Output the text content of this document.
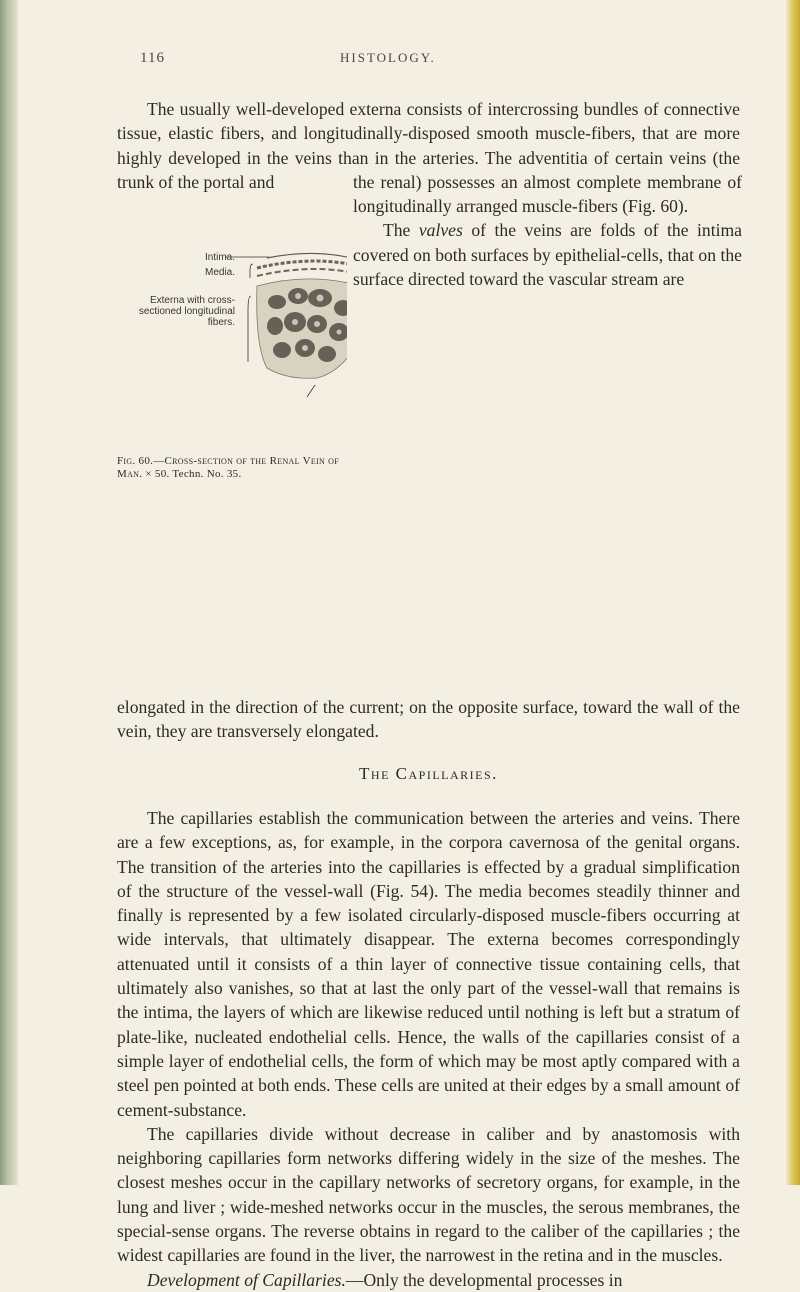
116	HISTOLOGY.

The usually well-developed externa consists of intercrossing bundles of connective tissue, elastic fibers, and longitudinally-disposed smooth muscle-fibers, that are more highly developed in the veins than in the arteries. The adventitia of certain veins (the trunk of the portal and	the renal) possesses an almost complete membrane of longitudinally arranged muscle-fibers (Fig. 60).

The valves of the veins are folds of the intima covered on both surfaces by epithelial-cells, that on the surface directed toward the vascular stream are

Intima.
Media.
Externa with cross-sectioned longitudinal fibers.
Fig. 60.—Cross-section of the Renal Vein of Man. × 50. Techn. No. 35.

elongated in the direction of the current; on the opposite surface, toward the wall of the vein, they are transversely elongated.

The Capillaries.

The capillaries establish the communication between the arteries and veins. There are a few exceptions, as, for example, in the corpora cavernosa of the genital organs. The transition of the arteries into the capillaries is effected by a gradual simplification of the structure of the vessel-wall (Fig. 54). The media becomes steadily thinner and finally is represented by a few isolated circularly-disposed muscle-fibers occurring at wide intervals, that ultimately disappear. The externa becomes correspondingly attenuated until it consists of a thin layer of connective tissue containing cells, that ultimately also vanishes, so that at last the only part of the vessel-wall that remains is the intima, the layers of which are likewise reduced until nothing is left but a stratum of plate-like, nucleated endothelial cells. Hence, the walls of the capillaries consist of a simple layer of endothelial cells, the form of which may be most aptly compared with a steel pen pointed at both ends. These cells are united at their edges by a small amount of cement-substance.

The capillaries divide without decrease in caliber and by anastomosis with neighboring capillaries form networks differing widely in the size of the meshes. The closest meshes occur in the capillary networks of secretory organs, for example, in the lung and liver ; wide-meshed networks occur in the muscles, the serous membranes, the special-sense organs. The reverse obtains in regard to the caliber of the capillaries ; the widest capillaries are found in the liver, the narrowest in the retina and in the muscles.

Development of Capillaries.—Only the developmental processes in
